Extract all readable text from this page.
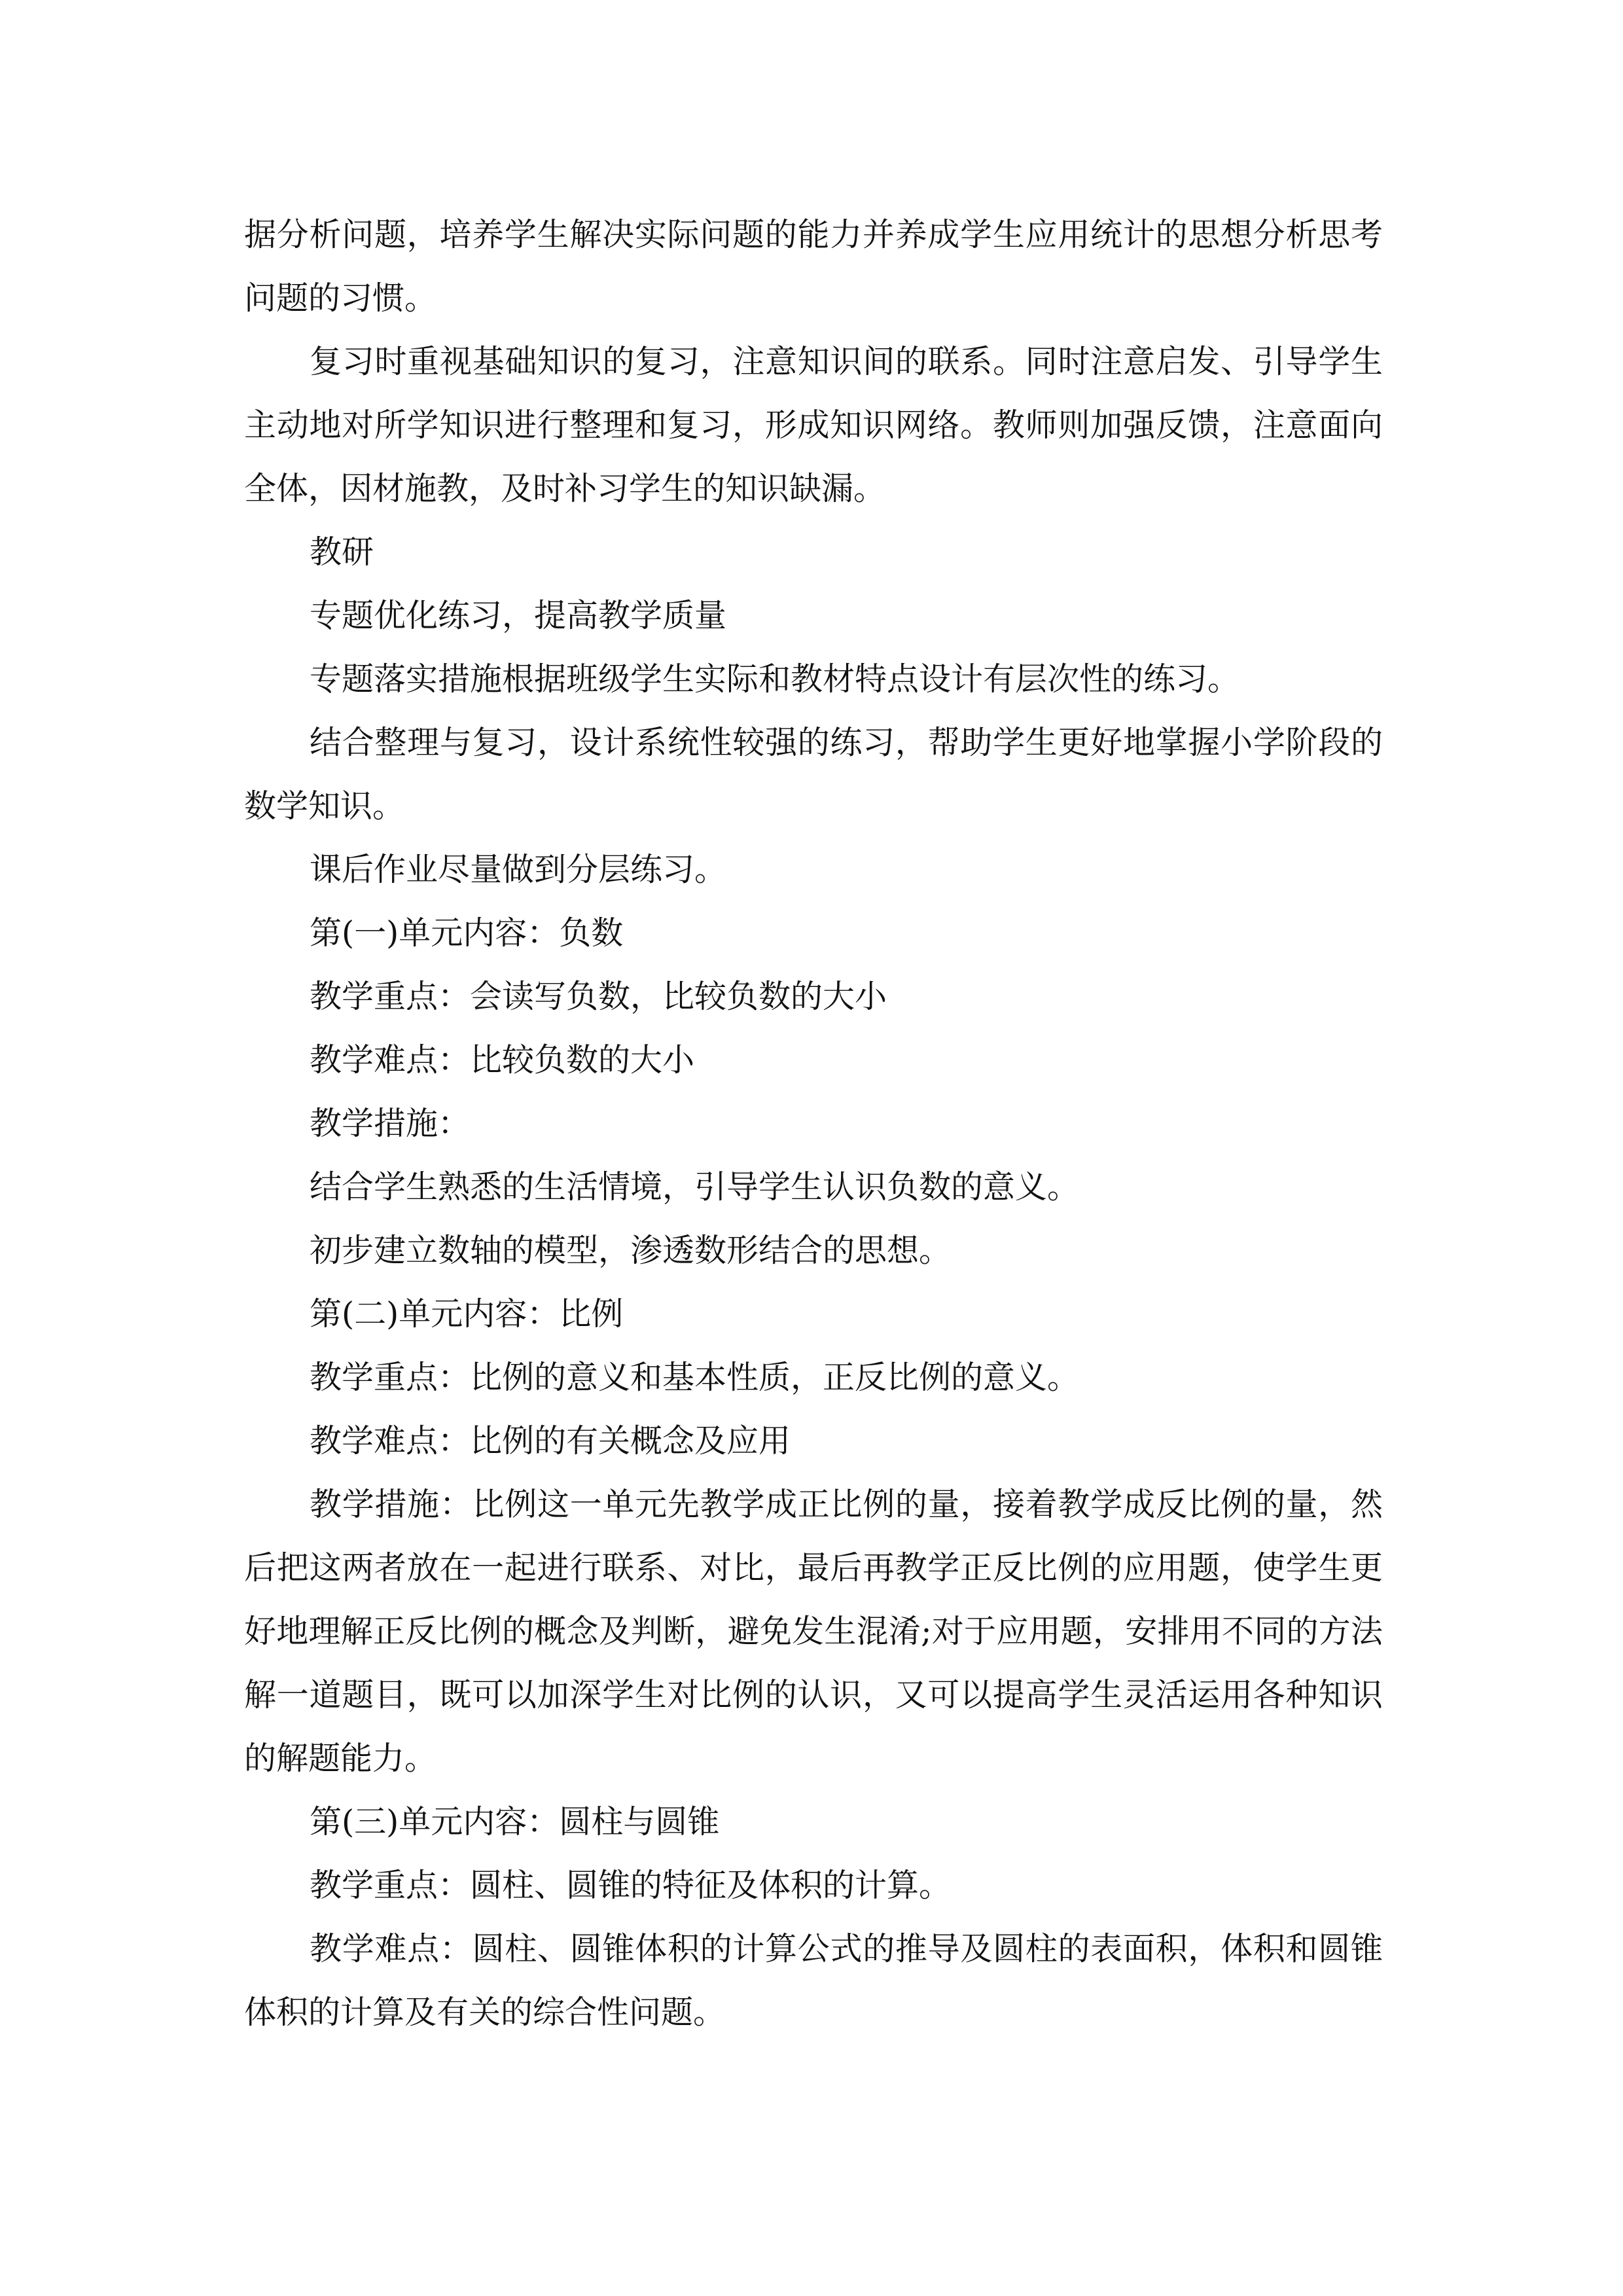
据分析问题，培养学生解决实际问题的能力并养成学生应用统计的思想分析思考问题的习惯。

复习时重视基础知识的复习，注意知识间的联系。同时注意启发、引导学生主动地对所学知识进行整理和复习，形成知识网络。教师则加强反馈，注意面向全体，因材施教，及时补习学生的知识缺漏。

教研

专题优化练习，提高教学质量

专题落实措施根据班级学生实际和教材特点设计有层次性的练习。

结合整理与复习，设计系统性较强的练习，帮助学生更好地掌握小学阶段的数学知识。

课后作业尽量做到分层练习。

第(一)单元内容：负数

教学重点：会读写负数，比较负数的大小

教学难点：比较负数的大小

教学措施：

结合学生熟悉的生活情境，引导学生认识负数的意义。

初步建立数轴的模型，渗透数形结合的思想。

第(二)单元内容：比例

教学重点：比例的意义和基本性质，正反比例的意义。

教学难点：比例的有关概念及应用

教学措施：比例这一单元先教学成正比例的量，接着教学成反比例的量，然后把这两者放在一起进行联系、对比，最后再教学正反比例的应用题，使学生更好地理解正反比例的概念及判断，避免发生混淆;对于应用题，安排用不同的方法解一道题目，既可以加深学生对比例的认识，又可以提高学生灵活运用各种知识的解题能力。

第(三)单元内容：圆柱与圆锥

教学重点：圆柱、圆锥的特征及体积的计算。

教学难点：圆柱、圆锥体积的计算公式的推导及圆柱的表面积，体积和圆锥体积的计算及有关的综合性问题。
